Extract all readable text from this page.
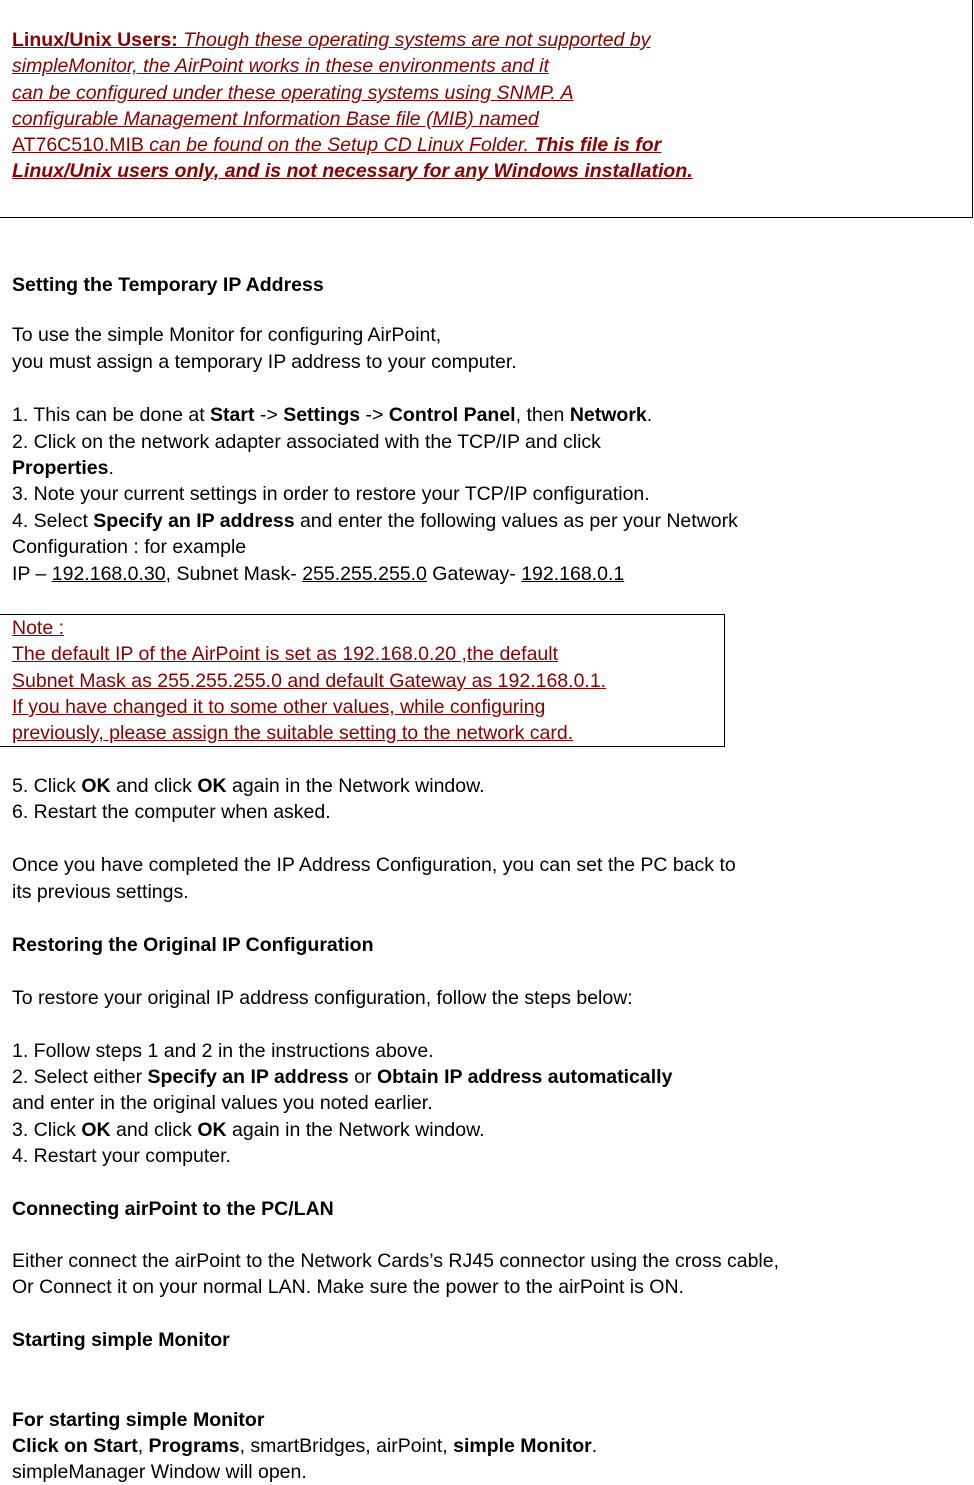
Linux/Unix Users: Though these operating systems are not supported by
simpleMonitor, the AirPoint works in these environments and it
can be configured under these operating systems using SNMP. A
configurable Management Information Base file (MIB) named
AT76C510.MIB can be found on the Setup CD Linux Folder. This file is for
Linux/Unix users only, and is not necessary for any Windows installation.
Setting the Temporary IP Address
To use the simple Monitor for configuring AirPoint,
you must assign a temporary IP address to your computer.
1. This can be done at Start -> Settings -> Control Panel, then Network.
2. Click on the network adapter associated with the TCP/IP and click
Properties.
3. Note your current settings in order to restore your TCP/IP configuration.
4. Select Specify an IP address and enter the following values as per your Network
Configuration : for example
IP – 192.168.0.30, Subnet Mask- 255.255.255.0 Gateway- 192.168.0.1
Note :
The default IP of the AirPoint is set as 192.168.0.20 ,the default
Subnet Mask as 255.255.255.0 and default Gateway as 192.168.0.1.
If you have changed it to some other values, while configuring
previously, please assign the suitable setting to the network card.
5. Click OK and click OK again in the Network window.
6. Restart the computer when asked.
Once you have completed the IP Address Configuration, you can set the PC back to
its previous settings.
Restoring the Original IP Configuration
To restore your original IP address configuration, follow the steps below:
1. Follow steps 1 and 2 in the instructions above.
2. Select either Specify an IP address or Obtain IP address automatically
and enter in the original values you noted earlier.
3. Click OK and click OK again in the Network window.
4. Restart your computer.
Connecting airPoint to the PC/LAN
Either connect the airPoint to the Network Cards’s RJ45 connector using the cross cable,
Or Connect it on your normal LAN. Make sure the power to the airPoint is ON.
Starting simple Monitor
For starting simple Monitor
Click on Start, Programs, smartBridges, airPoint, simple Monitor.
simpleManager Window will open.
